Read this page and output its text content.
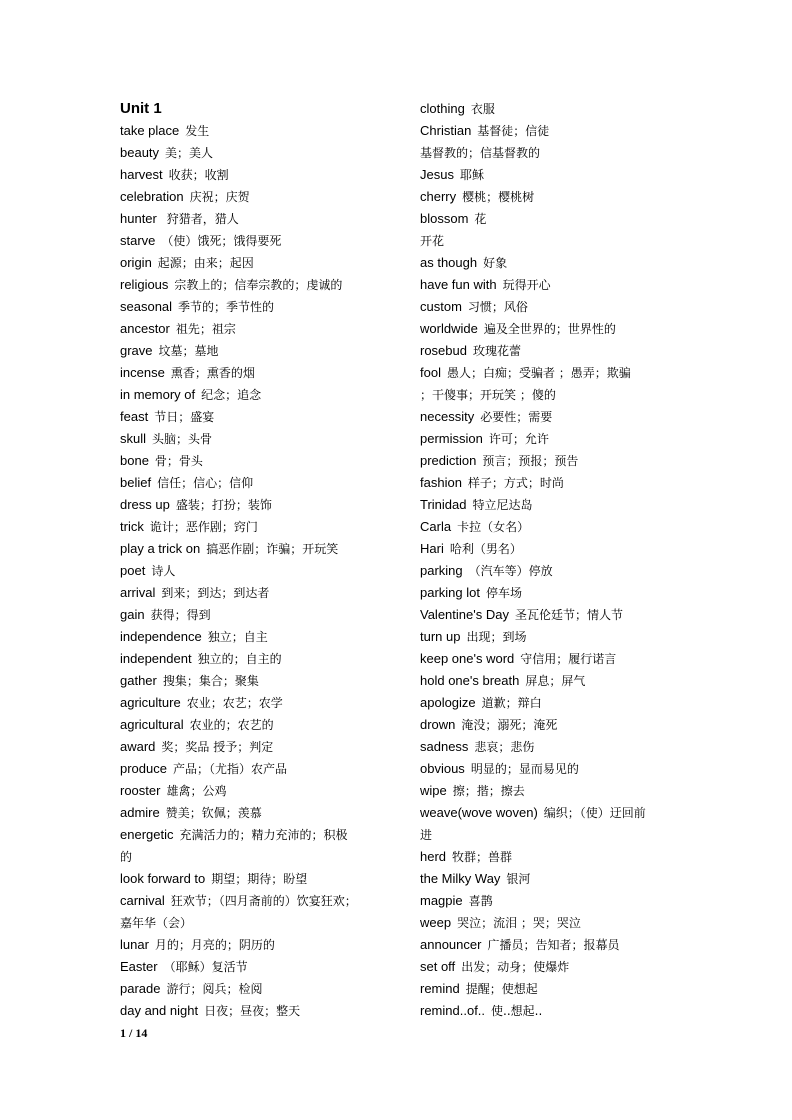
Unit 1
take place 发生
beauty 美；美人
harvest 收获；收割
celebration 庆祝；庆贺
hunter 狩猎者，猎人
starve （使）饿死；饿得要死
origin 起源；由来；起因
religious 宗教上的；信奉宗教的；虔诚的
seasonal 季节的；季节性的
ancestor 祖先；祖宗
grave 坟墓；墓地
incense 熏香；熏香的烟
in memory of 纪念；追念
feast 节日；盛宴
skull 头脑；头骨
bone 骨；骨头
belief 信任；信心；信仰
dress up 盛装；打扮；装饰
trick 诡计；恶作剧；窍门
play a trick on 搞恶作剧；诈骗；开玩笑
poet 诗人
arrival 到来；到达；到达者
gain 获得；得到
independence 独立；自主
independent 独立的；自主的
gather 搜集；集合；聚集
agriculture 农业；农艺；农学
agricultural 农业的；农艺的
award 奖；奖品 授予；判定
produce 产品；（尤指）农产品
rooster 雄禽；公鸡
admire 赞美；钦佩；羡慕
energetic 充满活力的；精力充沛的；积极
的
look forward to 期望；期待；盼望
carnival 狂欢节；（四月斋前的）饮宴狂欢；
嘉年华（会）
lunar 月的；月亮的；阴历的
Easter （耶稣）复活节
parade 游行；阅兵；检阅
day and night 日夜；昼夜；整天
clothing 衣服
Christian 基督徒；信徒
基督教的；信基督教的
Jesus 耶稣
cherry 樱桃；樱桃树
blossom 花
开花
as though 好象
have fun with 玩得开心
custom 习惯；风俗
worldwide 遍及全世界的；世界性的
rosebud 玫瑰花蕾
fool 愚人；白痴；受骗者 ；愚弄；欺骗
；干傻事；开玩笑 ；傻的
necessity 必要性；需要
permission 许可；允许
prediction 预言；预报；预告
fashion 样子；方式；时尚
Trinidad 特立尼达岛
Carla 卡拉（女名）
Hari 哈利（男名）
parking （汽车等）停放
parking lot 停车场
Valentine's Day 圣瓦伦廷节；情人节
turn up 出现；到场
keep one's word 守信用；履行诺言
hold one's breath 屏息；屏气
apologize 道歉；辩白
drown 淹没；溺死；淹死
sadness 悲哀；悲伤
obvious 明显的；显而易见的
wipe 擦；揩；擦去
weave(wove woven) 编织；（使）迂回前
进
herd 牧群；兽群
the Milky Way 银河
magpie 喜鹊
weep 哭泣；流泪 ；哭；哭泣
announcer 广播员；告知者；报幕员
set off 出发；动身；使爆炸
remind 提醒；使想起
remind..of.. 使..想起..
1 / 14
